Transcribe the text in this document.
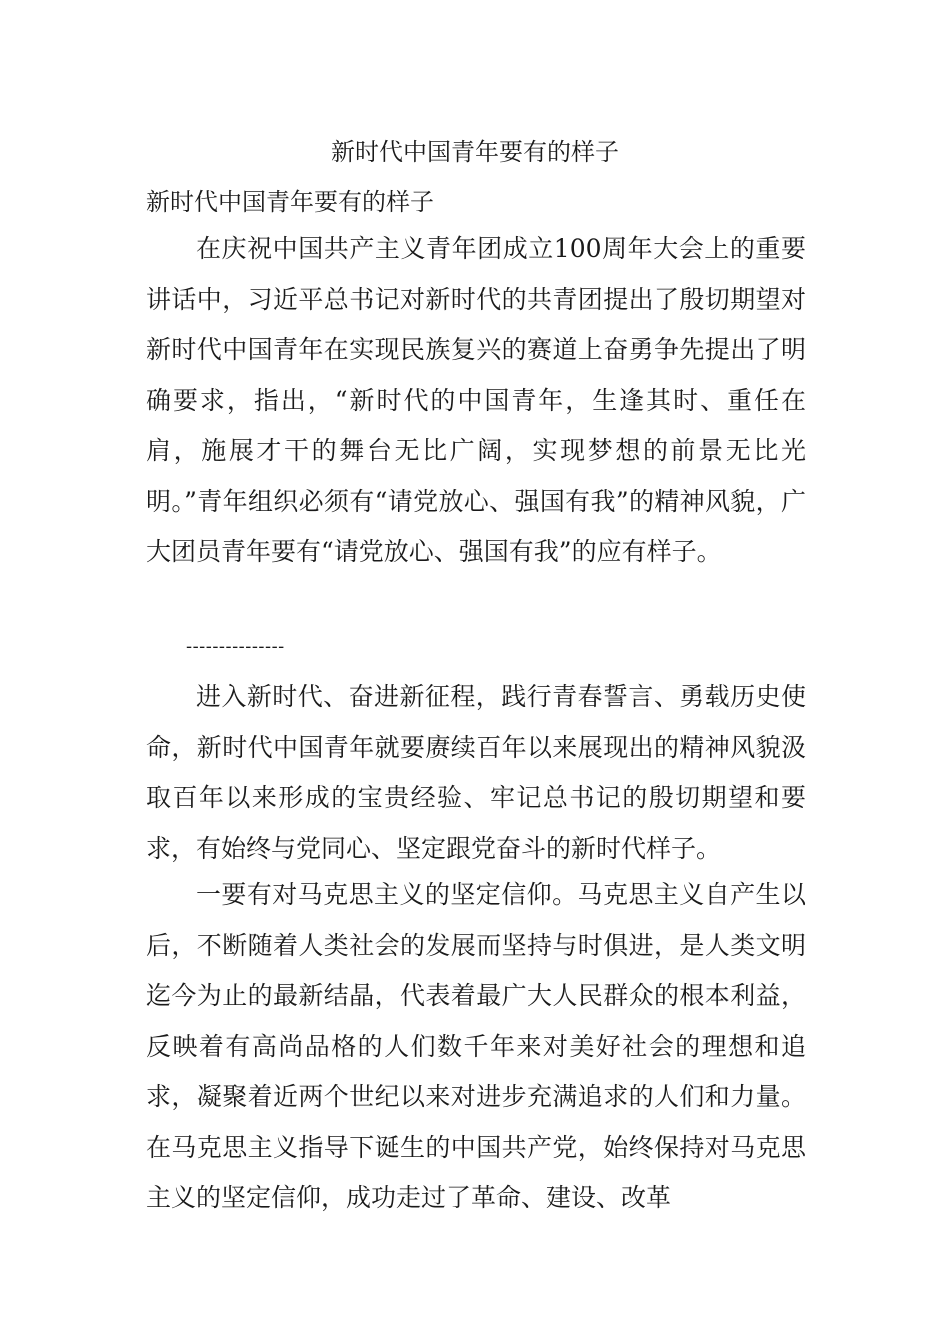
新时代中国青年要有的样子

新时代中国青年要有的样子

在庆祝中国共产主义青年团成立100周年大会上的重要讲话中，习近平总书记对新时代的共青团提出了殷切期望对新时代中国青年在实现民族复兴的赛道上奋勇争先提出了明确要求，指出，“新时代的中国青年，生逢其时、重任在肩，施展才干的舞台无比广阔，实现梦想的前景无比光明。”青年组织必须有“请党放心、强国有我”的精神风貌，广大团员青年要有“请党放心、强国有我”的应有样子。

---------------

进入新时代、奋进新征程，践行青春誓言、勇载历史使命，新时代中国青年就要赓续百年以来展现出的精神风貌汲取百年以来形成的宝贵经验、牢记总书记的殷切期望和要求，有始终与党同心、坚定跟党奋斗的新时代样子。

一要有对马克思主义的坚定信仰。马克思主义自产生以后，不断随着人类社会的发展而坚持与时俱进，是人类文明迄今为止的最新结晶，代表着最广大人民群众的根本利益，反映着有高尚品格的人们数千年来对美好社会的理想和追求，凝聚着近两个世纪以来对进步充满追求的人们和力量。在马克思主义指导下诞生的中国共产党，始终保持对马克思主义的坚定信仰，成功走过了革命、建设、改革
